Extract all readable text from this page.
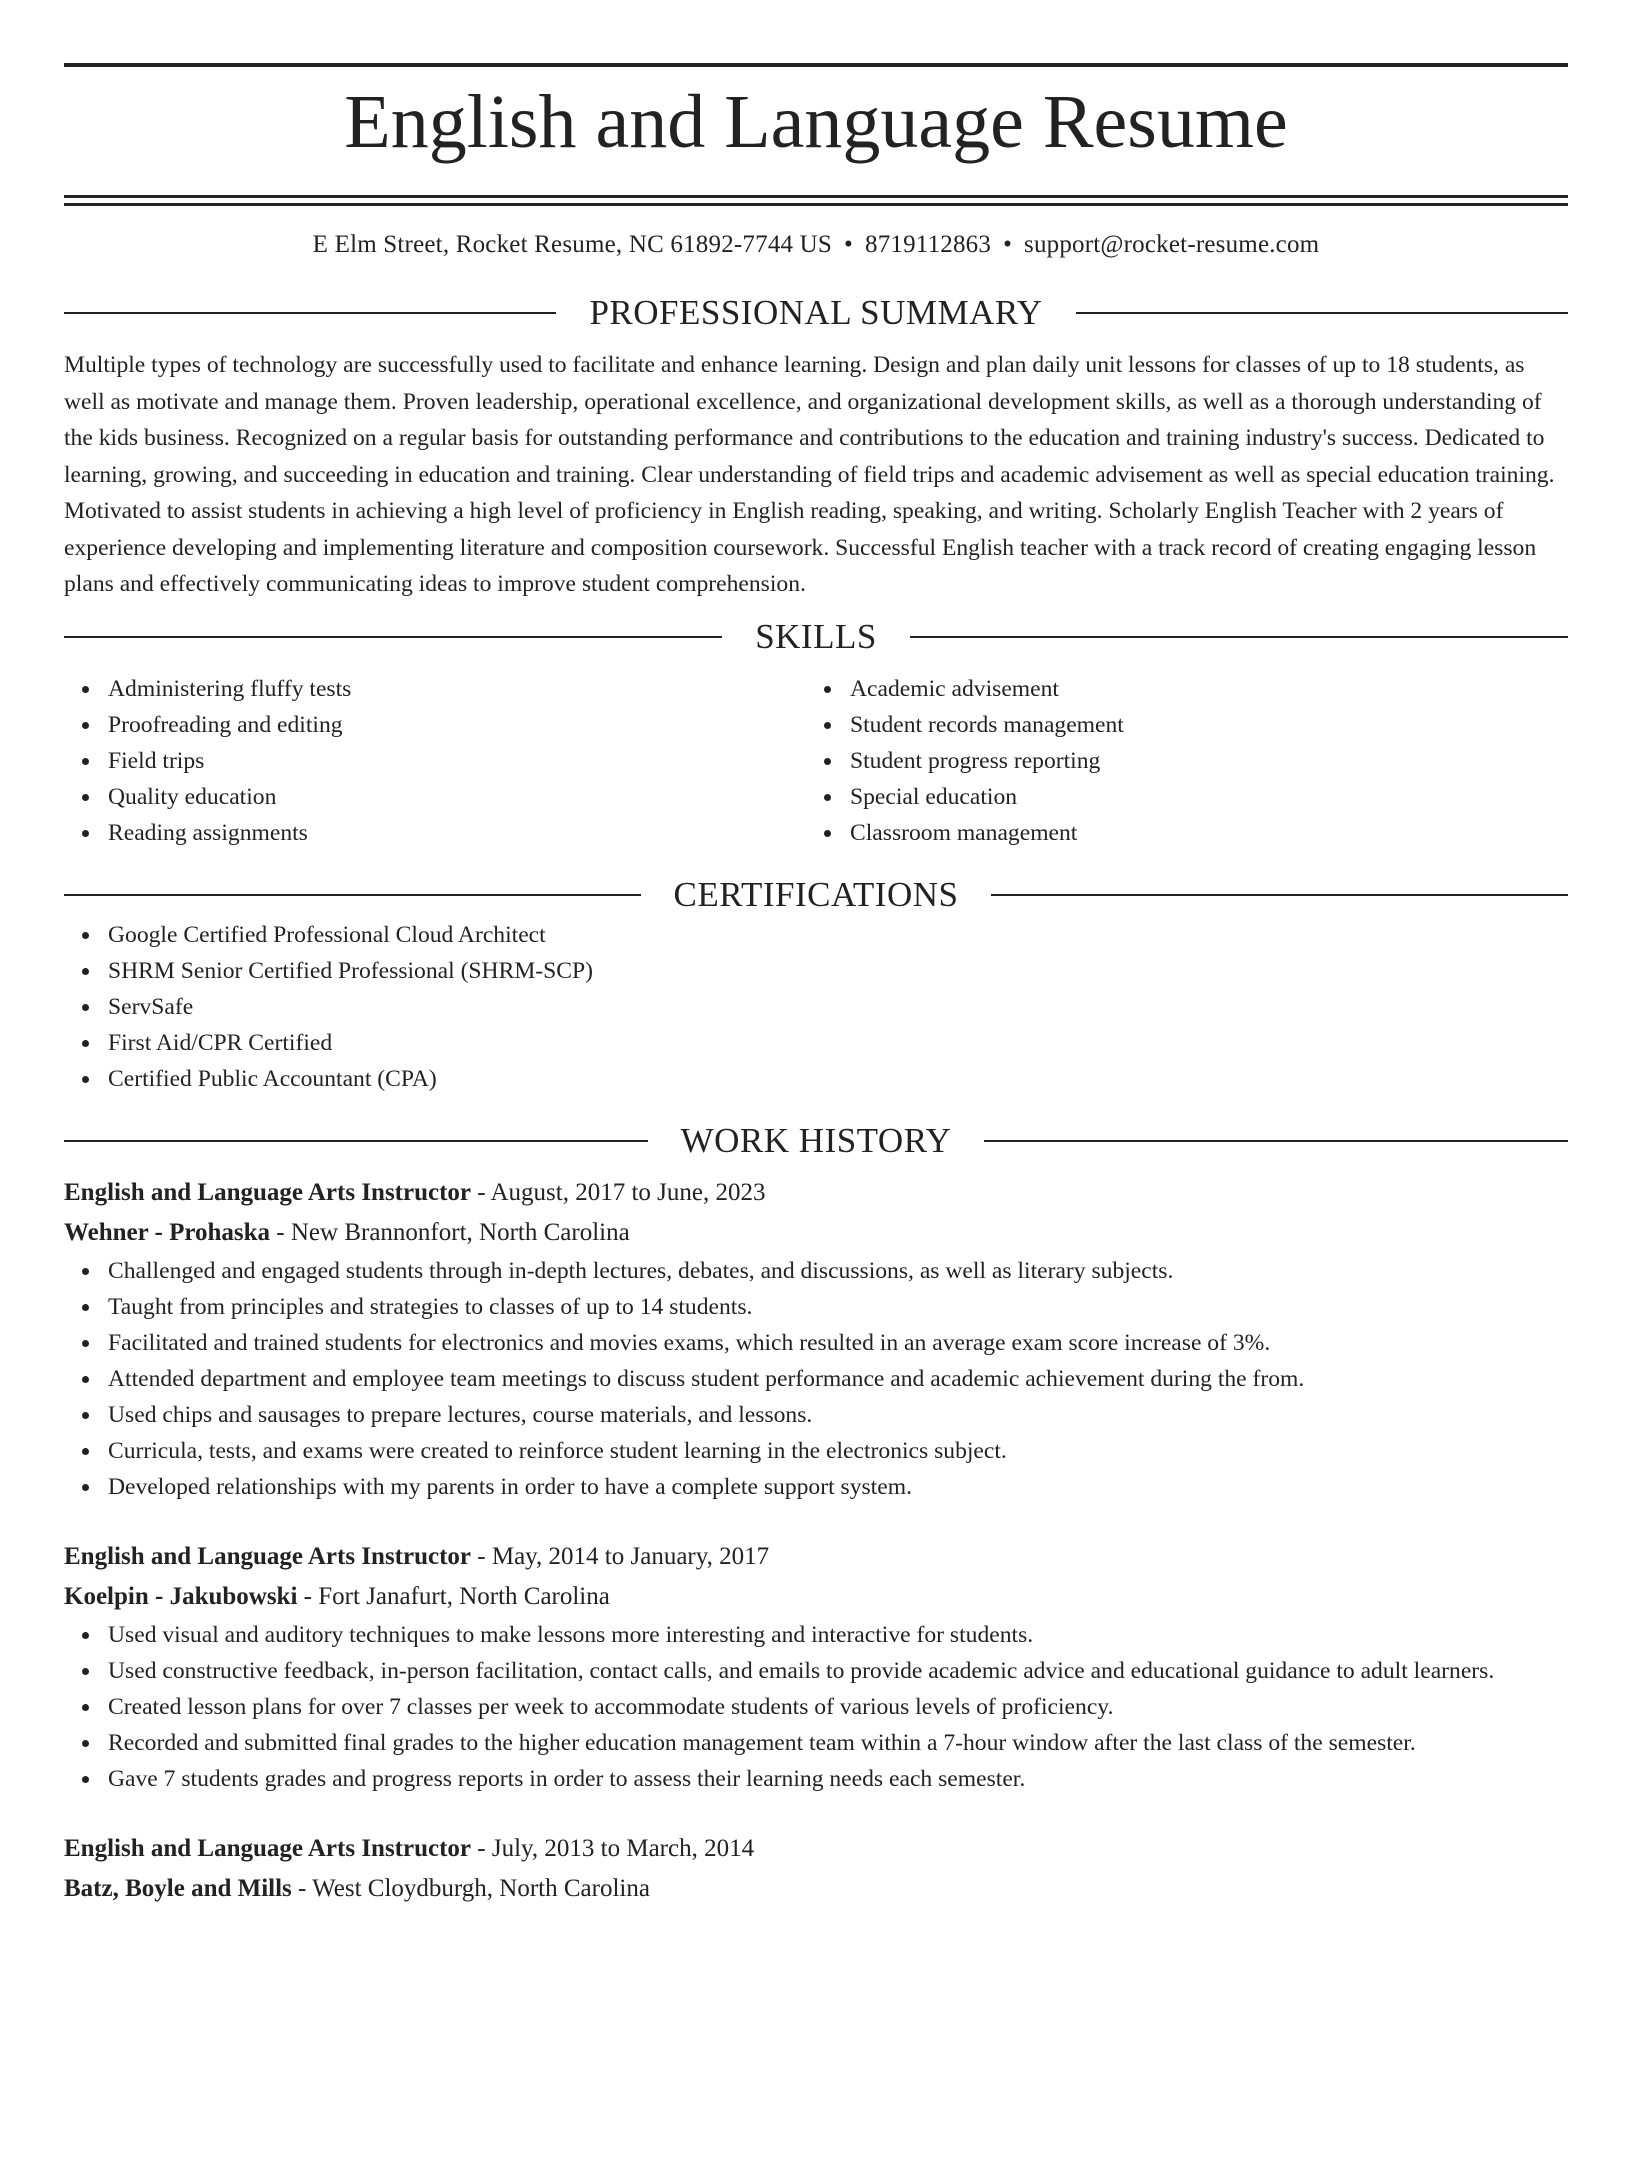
English and Language Resume
E Elm Street, Rocket Resume, NC 61892-7744 US • 8719112863 • support@rocket-resume.com
PROFESSIONAL SUMMARY

Multiple types of technology are successfully used to facilitate and enhance learning. Design and plan daily unit lessons for classes of up to 18 students, as well as motivate and manage them. Proven leadership, operational excellence, and organizational development skills, as well as a thorough understanding of the kids business. Recognized on a regular basis for outstanding performance and contributions to the education and training industry's success. Dedicated to learning, growing, and succeeding in education and training. Clear understanding of field trips and academic advisement as well as special education training. Motivated to assist students in achieving a high level of proficiency in English reading, speaking, and writing. Scholarly English Teacher with 2 years of experience developing and implementing literature and composition coursework. Successful English teacher with a track record of creating engaging lesson plans and effectively communicating ideas to improve student comprehension.

SKILLS
Administering fluffy tests
Proofreading and editing
Field trips
Quality education
Reading assignments
Academic advisement
Student records management
Student progress reporting
Special education
Classroom management
CERTIFICATIONS
Google Certified Professional Cloud Architect
SHRM Senior Certified Professional (SHRM-SCP)
ServSafe
First Aid/CPR Certified
Certified Public Accountant (CPA)
WORK HISTORY
English and Language Arts Instructor - August, 2017 to June, 2023
Wehner - Prohaska - New Brannonfort, North Carolina
Challenged and engaged students through in-depth lectures, debates, and discussions, as well as literary subjects.
Taught from principles and strategies to classes of up to 14 students.
Facilitated and trained students for electronics and movies exams, which resulted in an average exam score increase of 3%.
Attended department and employee team meetings to discuss student performance and academic achievement during the from.
Used chips and sausages to prepare lectures, course materials, and lessons.
Curricula, tests, and exams were created to reinforce student learning in the electronics subject.
Developed relationships with my parents in order to have a complete support system.
English and Language Arts Instructor - May, 2014 to January, 2017
Koelpin - Jakubowski - Fort Janafurt, North Carolina
Used visual and auditory techniques to make lessons more interesting and interactive for students.
Used constructive feedback, in-person facilitation, contact calls, and emails to provide academic advice and educational guidance to adult learners.
Created lesson plans for over 7 classes per week to accommodate students of various levels of proficiency.
Recorded and submitted final grades to the higher education management team within a 7-hour window after the last class of the semester.
Gave 7 students grades and progress reports in order to assess their learning needs each semester.
English and Language Arts Instructor - July, 2013 to March, 2014
Batz, Boyle and Mills - West Cloydburgh, North Carolina
